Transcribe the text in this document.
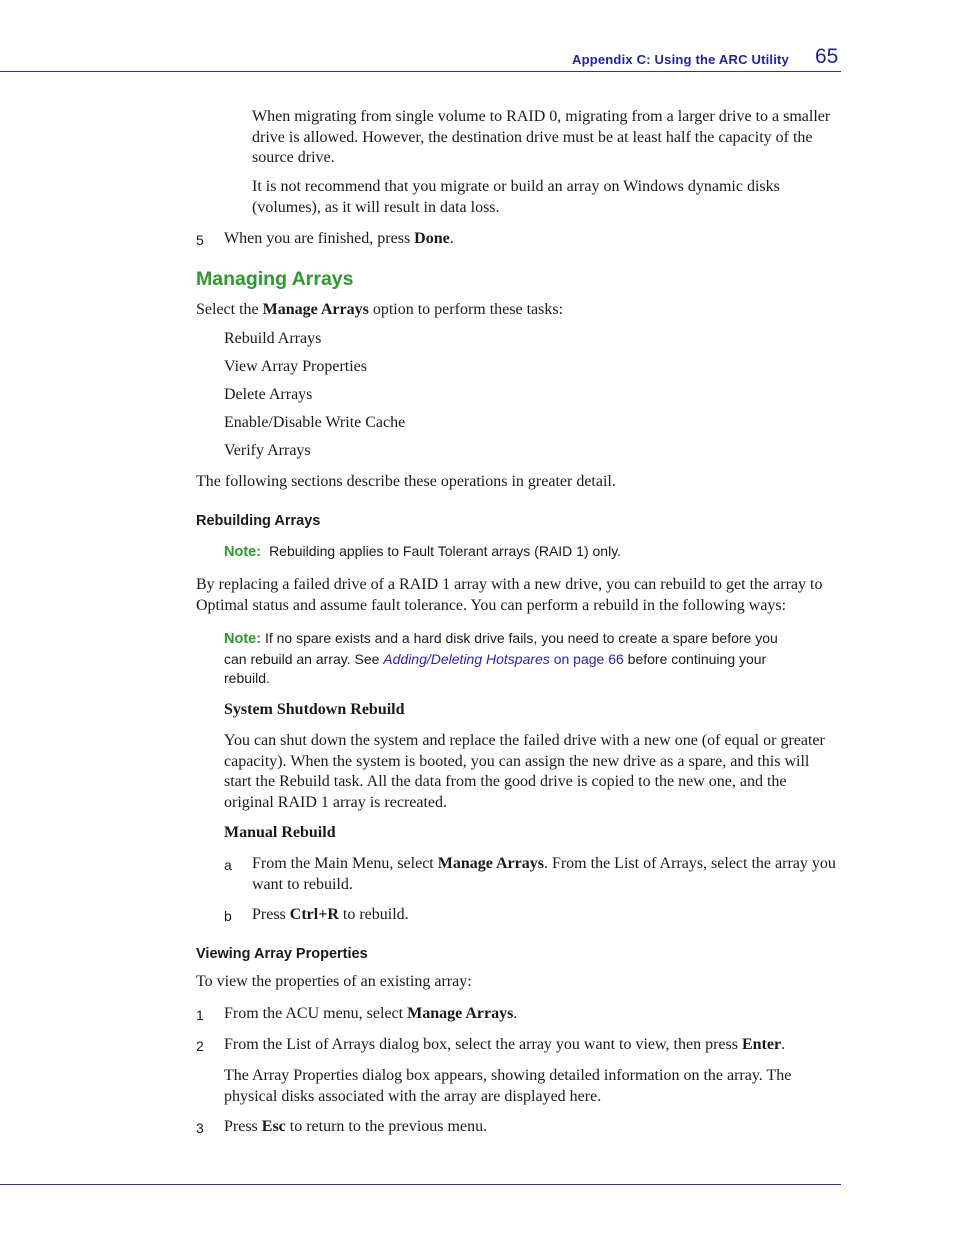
Appendix C: Using the ARC Utility 65
When migrating from single volume to RAID 0, migrating from a larger drive to a smaller drive is allowed. However, the destination drive must be at least half the capacity of the source drive.
It is not recommend that you migrate or build an array on Windows dynamic disks (volumes), as it will result in data loss.
5 When you are finished, press Done.
Managing Arrays
Select the Manage Arrays option to perform these tasks:
Rebuild Arrays
View Array Properties
Delete Arrays
Enable/Disable Write Cache
Verify Arrays
The following sections describe these operations in greater detail.
Rebuilding Arrays
Note: Rebuilding applies to Fault Tolerant arrays (RAID 1) only.
By replacing a failed drive of a RAID 1 array with a new drive, you can rebuild to get the array to Optimal status and assume fault tolerance. You can perform a rebuild in the following ways:
Note: If no spare exists and a hard disk drive fails, you need to create a spare before you
can rebuild an array. See Adding/Deleting Hotspares on page 66 before continuing your
rebuild.
System Shutdown Rebuild
You can shut down the system and replace the failed drive with a new one (of equal or greater capacity). When the system is booted, you can assign the new drive as a spare, and this will start the Rebuild task. All the data from the good drive is copied to the new one, and the original RAID 1 array is recreated.
Manual Rebuild
a From the Main Menu, select Manage Arrays. From the List of Arrays, select the array you want to rebuild.
b Press Ctrl+R to rebuild.
Viewing Array Properties
To view the properties of an existing array:
1 From the ACU menu, select Manage Arrays.
2 From the List of Arrays dialog box, select the array you want to view, then press Enter.
The Array Properties dialog box appears, showing detailed information on the array. The physical disks associated with the array are displayed here.
3 Press Esc to return to the previous menu.
